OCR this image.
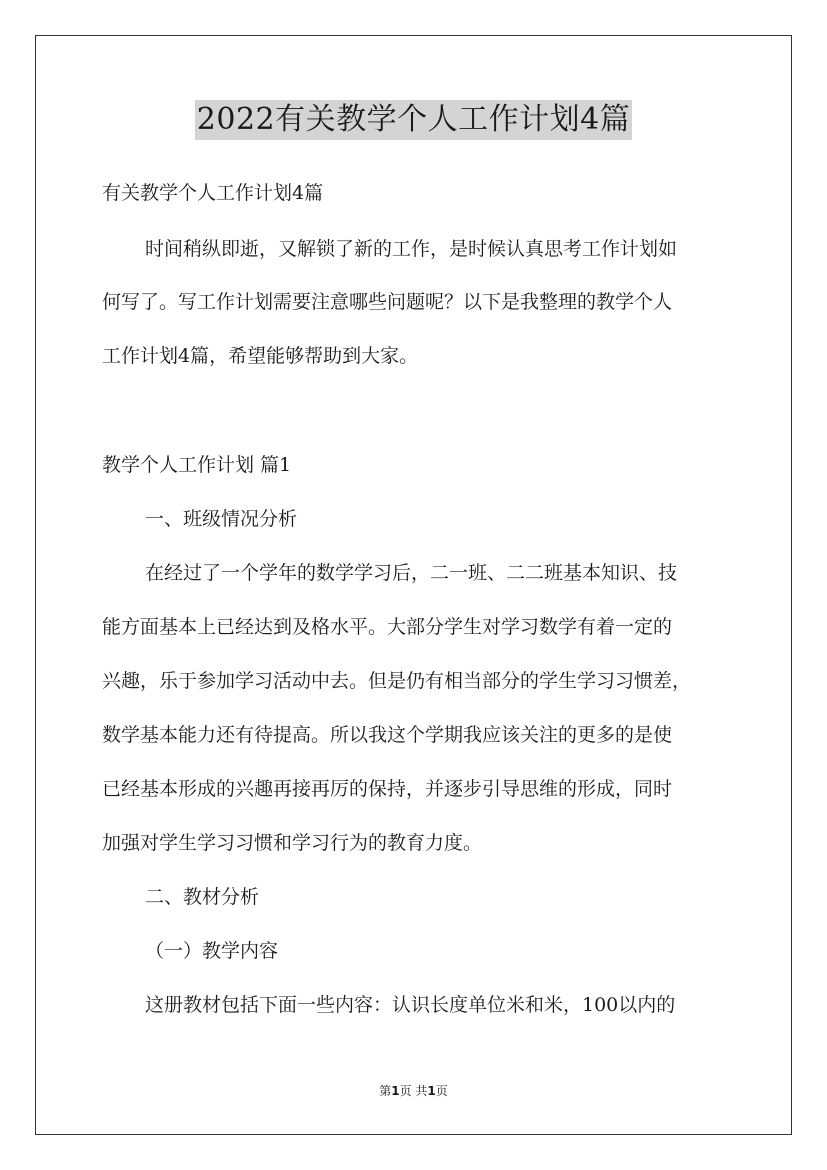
2022有关教学个人工作计划4篇
有关教学个人工作计划4篇
时间稍纵即逝，又解锁了新的工作，是时候认真思考工作计划如
何写了。写工作计划需要注意哪些问题呢？以下是我整理的教学个人
工作计划4篇，希望能够帮助到大家。
教学个人工作计划 篇1
一、班级情况分析
在经过了一个学年的数学学习后，二一班、二二班基本知识、技
能方面基本上已经达到及格水平。大部分学生对学习数学有着一定的
兴趣，乐于参加学习活动中去。但是仍有相当部分的学生学习习惯差，
数学基本能力还有待提高。所以我这个学期我应该关注的更多的是使
已经基本形成的兴趣再接再厉的保持，并逐步引导思维的形成，同时
加强对学生学习习惯和学习行为的教育力度。
二、教材分析
（一）教学内容
这册教材包括下面一些内容：认识长度单位米和米，100以内的
第1页 共1页
